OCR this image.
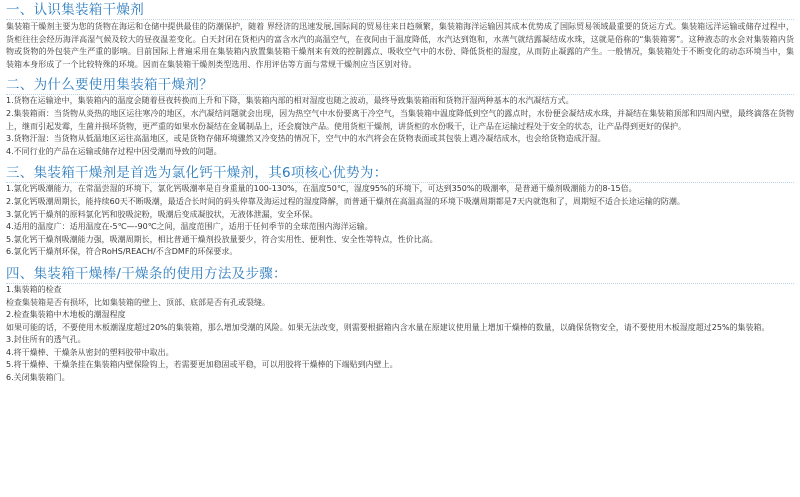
一、认识集装箱干燥剂

集装箱干燥剂主要为您的货物在海运和仓储中提供最佳的防潮保护，随着 界经济的迅速发展,国际间的贸易往来日趋频繁，集装箱海洋运输因其成本优势成了国际贸易领域最重要的货运方式。集装箱远洋运输或储存过程中，货柜往往会经历海洋高湿气候及较大的昼夜温差变化。白天封闭在货柜内的富含水汽的高温空气，在夜间由于温度降低，水汽达到饱和，水蒸气就结露凝结成水珠，这就是俗称的“集装箱雾”。这种液态的水会对集装箱内货物或货物的外包装产生严重的影响。目前国际上普遍采用在集装箱内放置集装箱干燥剂来有效的控制露点、吸收空气中的水份、降低货柜的湿度，从而防止凝露的产生。一般情况，集装箱处于不断变化的动态环境当中，集装箱本身形成了一个比较特殊的环境。因而在集装箱干燥剂类型选用、作用评估等方面与常规干燥剂应当区别对待。

二、为什么要使用集装箱干燥剂？

1.货物在运输途中，集装箱内的温度会随着昼夜转换而上升和下降，集装箱内部的相对湿度也随之波动，最终导致集装箱雨和货物汗湿两种基本的水汽凝结方式。

2.集装箱雨：当货物从炎热的地区运往寒冷的地区，水汽凝结问题就会出现，因为热空气中水份要离于冷空气，当集装箱中温度降低到空气的露点时，水份便会凝结成水珠，并凝结在集装箱顶部和四周内壁，最终滴落在货物上，继而引起发霉，生菌并损坏货物，更严重的如果水份凝结在金属制品上，还会腐蚀产品。使用货柜干燥剂，讲货柜的水份吸干，让产品在运输过程处于安全的状态，让产品得到更好的保护。

3.货物汗湿：当货物从低温地区运往高温地区，或是货物存储环境骤然又冷变热的情况下，空气中的水汽将会在货物表面或其包装上遇冷凝结成水，也会给货物造成汗湿。

4.不同行业的产品在运输或储存过程中因受潮而导致的问题。

三、集装箱干燥剂是首选为氯化钙干燥剂，其6项核心优势为：

1.氯化钙吸潮能力，在常温尝湿的环境下，氯化钙吸潮率是自身重量的100-130%，在温度50℃，湿度95%的环境下，可达到350%的吸潮率，是普通干燥剂吸潮能力的8-15倍。

2.氯化钙吸潮周期长，能持续60天不断吸潮，最适合长时间的码头停靠及海运过程的湿度降解，而普通干燥剂在高温高湿的环境下吸潮周期都是7天内就饱和了，周期短不适合长途运输的防潮。

3.氯化钙干燥剂的原料氯化钙和胶吸淀粉，吸潮后变成凝胶状，无液体泄漏，安全环保。

4.适用的温度广：适用温度在-5℃—-90℃之间，温度范围广，适用于任何季节的全球范围内海洋运输。

5.氯化钙干燥剂吸潮能力强，吸潮周期长，相比普通干燥剂投放量要少，符合实用性、便利性、安全性等特点，性价比高。

6.氯化钙干燥剂环保，符合RoHS/REACH/不含DMF的环保要求。

四、集装箱干燥棒/干燥条的使用方法及步骤：

1.集装箱的检查

检查集装箱是否有损坏，比如集装箱的壁上、顶部、底部是否有孔或裂缝。

2.检查集装箱中木地板的潮湿程度

如果可能的话，不要使用木板潮湿度超过20%的集装箱，那么增加受潮的风险。如果无法改变，则需要根据箱内含水量在原建议使用量上增加干燥棒的数量，以确保货物安全，请不要使用木板湿度超过25%的集装箱。

3.封住所有的透气孔。

4.将干燥棒、干燥条从密封的塑料胶带中取出。

5.将干燥棒、干燥条挂在集装箱内壁保险钩上，若需要更加稳固或平稳，可以用胶将干燥棒的下端贴到内壁上。

6.关闭集装箱门。
